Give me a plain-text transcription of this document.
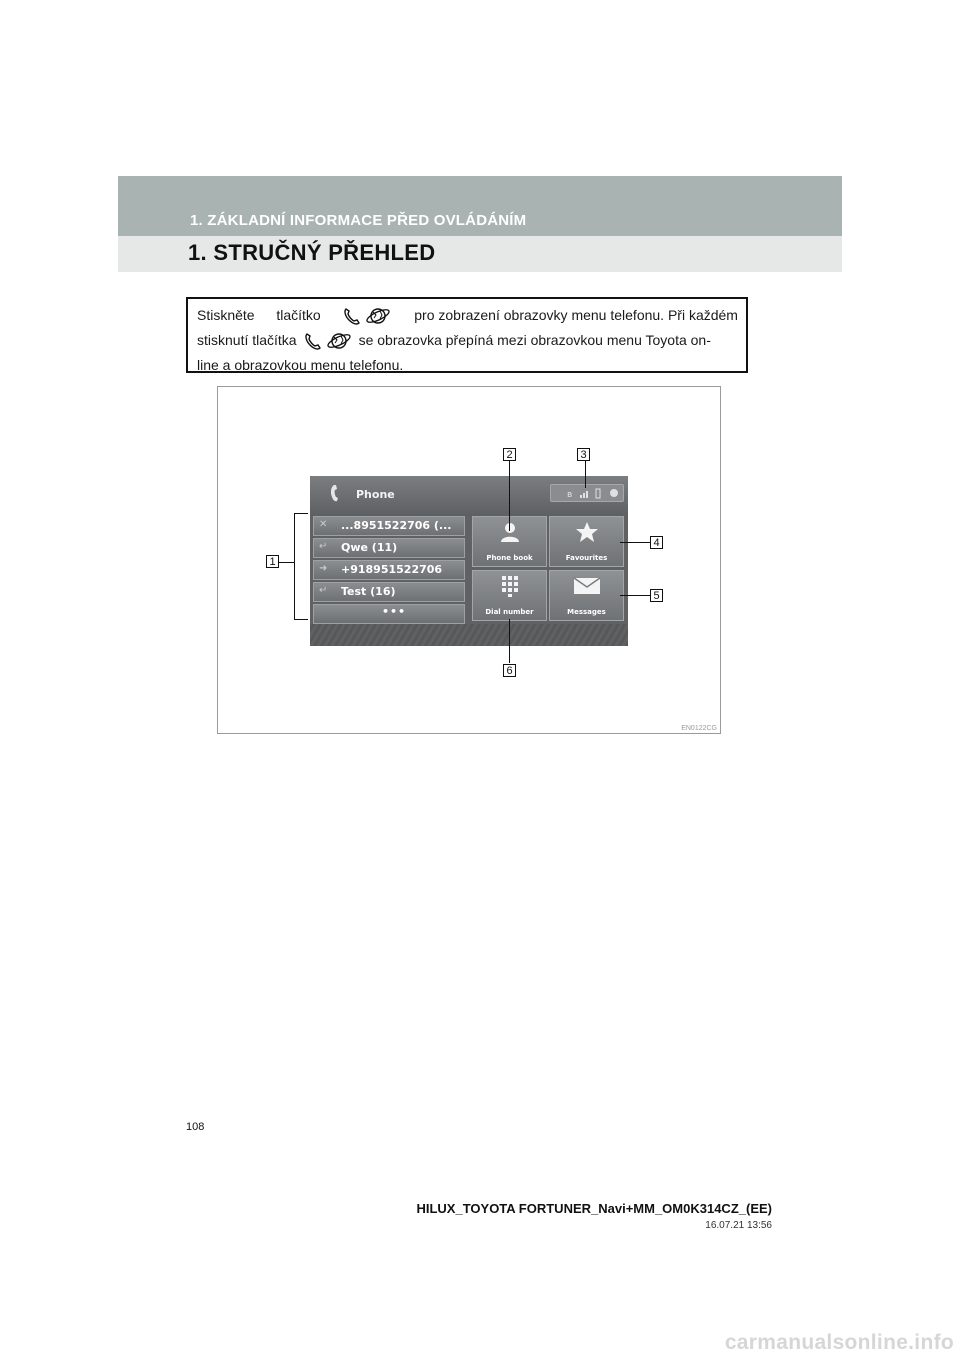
1. ZÁKLADNÍ INFORMACE PŘED OVLÁDÁNÍM
1. STRUČNÝ PŘEHLED
Stiskněte tlačítko	pro zobrazení obrazovky menu telefonu. Při každém
stisknutí tlačítka	se obrazovka přepíná mezi obrazovkou menu Toyota on-
line a obrazovkou menu telefonu.
Phone	ʙ
✕ ...8951522706 (...
↵ Qwe (11)
➜ +918951522706
↵ Test (16)
•••
Phone book	Favourites
Dial number	Messages
1
2	3
4
5
6
EN0122CG
108
HILUX_TOYOTA FORTUNER_Navi+MM_OM0K314CZ_(EE)
16.07.21 13:56
carmanualsonline.info
